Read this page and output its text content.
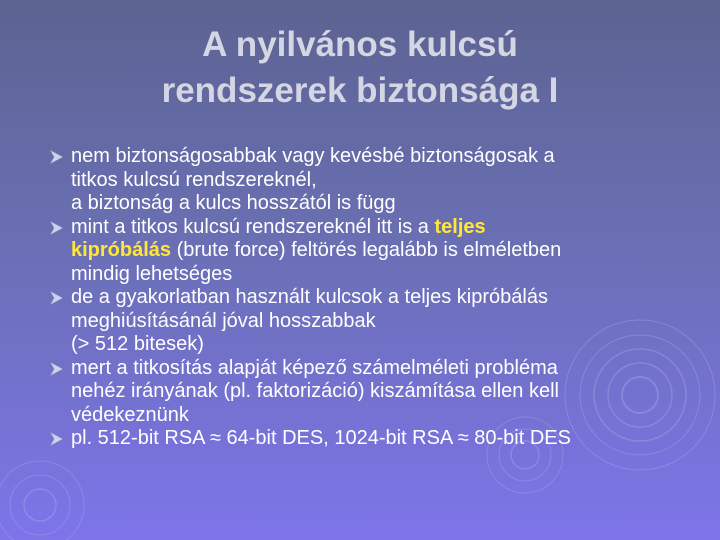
A nyilvános kulcsú
rendszerek biztonsága I
nem biztonságosabbak vagy kevésbé biztonságosak a
titkos kulcsú rendszereknél,
a biztonság a kulcs hosszától is függ
mint a titkos kulcsú rendszereknél itt is a teljes
kipróbálás (brute force) feltörés legalább is elméletben
mindig lehetséges
de a gyakorlatban használt kulcsok a teljes kipróbálás
meghiúsításánál jóval hosszabbak
(> 512 bitesek)
mert a titkosítás alapját képező számelméleti probléma
nehéz irányának (pl. faktorizáció) kiszámítása ellen kell
védekeznünk
pl. 512-bit RSA ≈ 64-bit DES, 1024-bit RSA ≈ 80-bit DES
